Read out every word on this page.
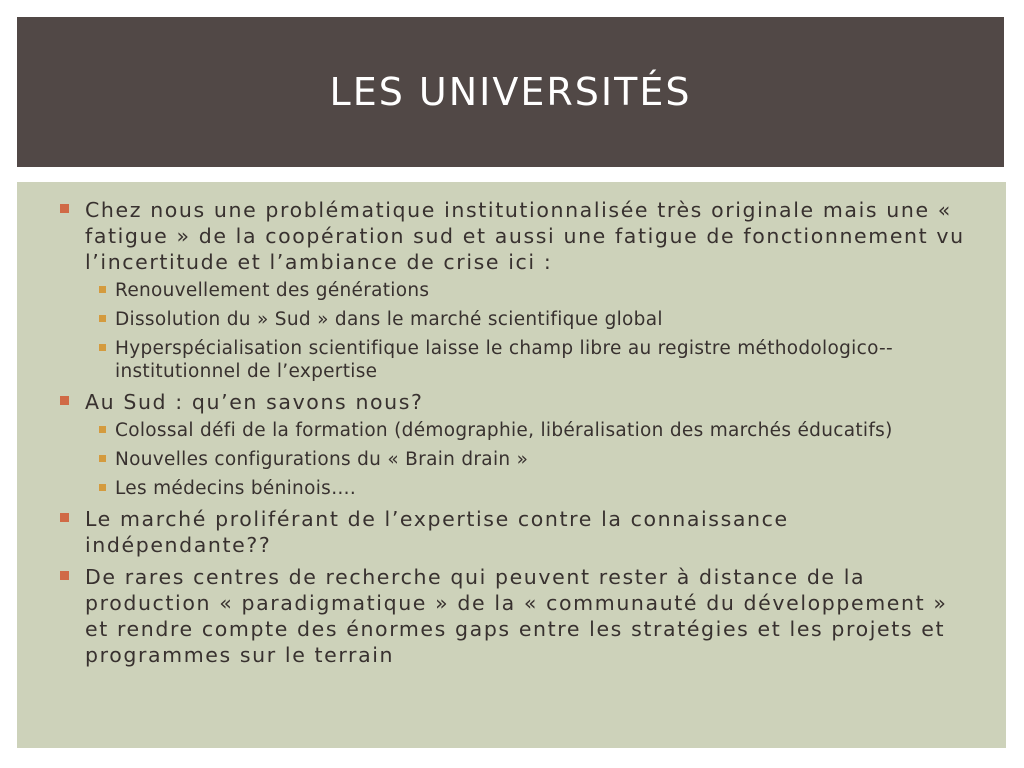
LES UNIVERSITÉS
Chez nous une problématique institutionnalisée très originale mais une « fatigue » de la coopération sud et aussi une fatigue de fonctionnement vu l’incertitude et l’ambiance de crise ici :
Renouvellement des générations
Dissolution du » Sud » dans le marché scientifique global
Hyperspécialisation scientifique laisse le champ libre au registre méthodologico--institutionnel de l’expertise
Au Sud : qu’en savons nous?
Colossal défi de la formation (démographie, libéralisation des marchés éducatifs)
Nouvelles configurations du « Brain drain »
Les médecins béninois….
Le marché proliférant de l’expertise contre la connaissance indépendante??
De rares centres de recherche qui peuvent rester à distance de la production « paradigmatique » de la « communauté du développement » et rendre compte des énormes gaps entre les stratégies et les projets et programmes sur le terrain
